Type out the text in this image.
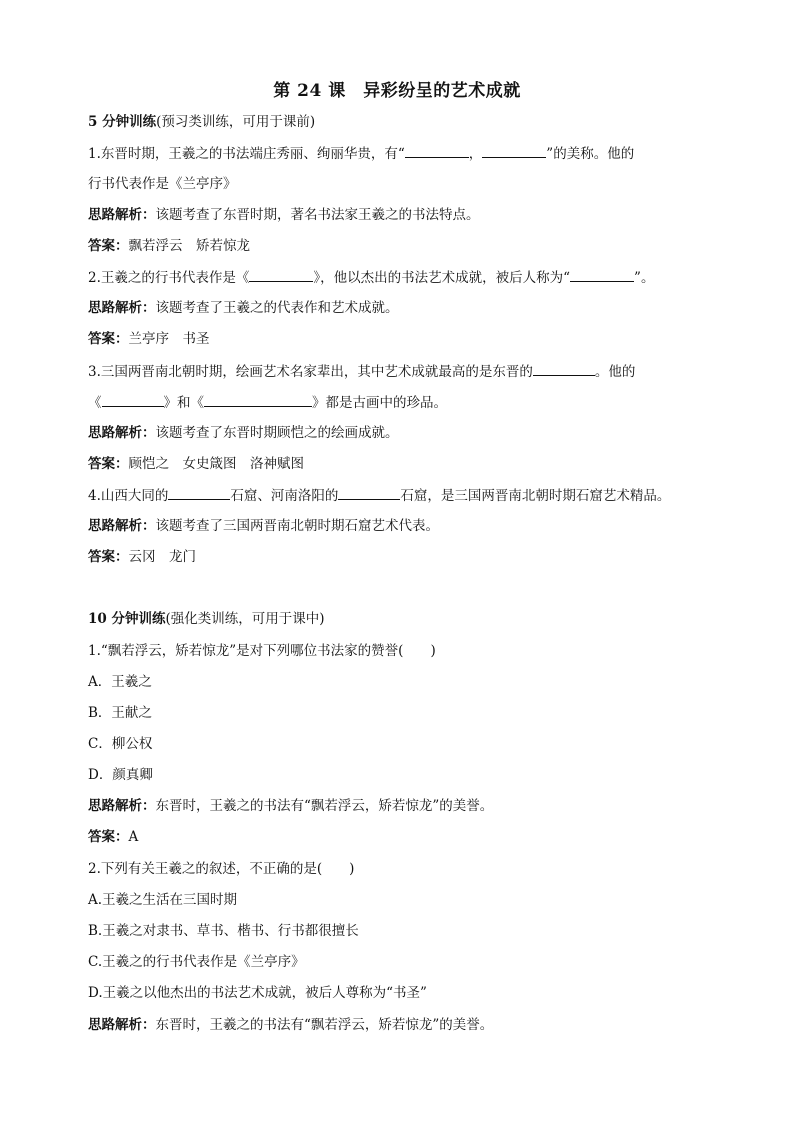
第 24 课　异彩纷呈的艺术成就
5 分钟训练(预习类训练，可用于课前)
1.东晋时期，王羲之的书法端庄秀丽、绚丽华贵，有“	，	”的美称。他的
行书代表作是《兰亭序》
思路解析：该题考查了东晋时期，著名书法家王羲之的书法特点。
答案：飘若浮云　矫若惊龙
2.王羲之的行书代表作是《	》，他以杰出的书法艺术成就，被后人称为“	”。
思路解析：该题考查了王羲之的代表作和艺术成就。
答案：兰亭序　书圣
3.三国两晋南北朝时期，绘画艺术名家辈出，其中艺术成就最高的是东晋的	。他的
《	》和《	》都是古画中的珍品。
思路解析：该题考查了东晋时期顾恺之的绘画成就。
答案：顾恺之　女史箴图　洛神赋图
4.山西大同的	石窟、河南洛阳的	石窟，是三国两晋南北朝时期石窟艺术精品。
思路解析：该题考查了三国两晋南北朝时期石窟艺术代表。
答案：云冈　龙门
10 分钟训练(强化类训练，可用于课中)
1.“飘若浮云，矫若惊龙”是对下列哪位书法家的赞誉(　　)
A．王羲之
B．王献之
C．柳公权
D．颜真卿
思路解析：东晋时，王羲之的书法有“飘若浮云，矫若惊龙”的美誉。
答案：A
2.下列有关王羲之的叙述，不正确的是(　　)
A.王羲之生活在三国时期
B.王羲之对隶书、草书、楷书、行书都很擅长
C.王羲之的行书代表作是《兰亭序》
D.王羲之以他杰出的书法艺术成就，被后人尊称为“书圣”
思路解析：东晋时，王羲之的书法有“飘若浮云，矫若惊龙”的美誉。
